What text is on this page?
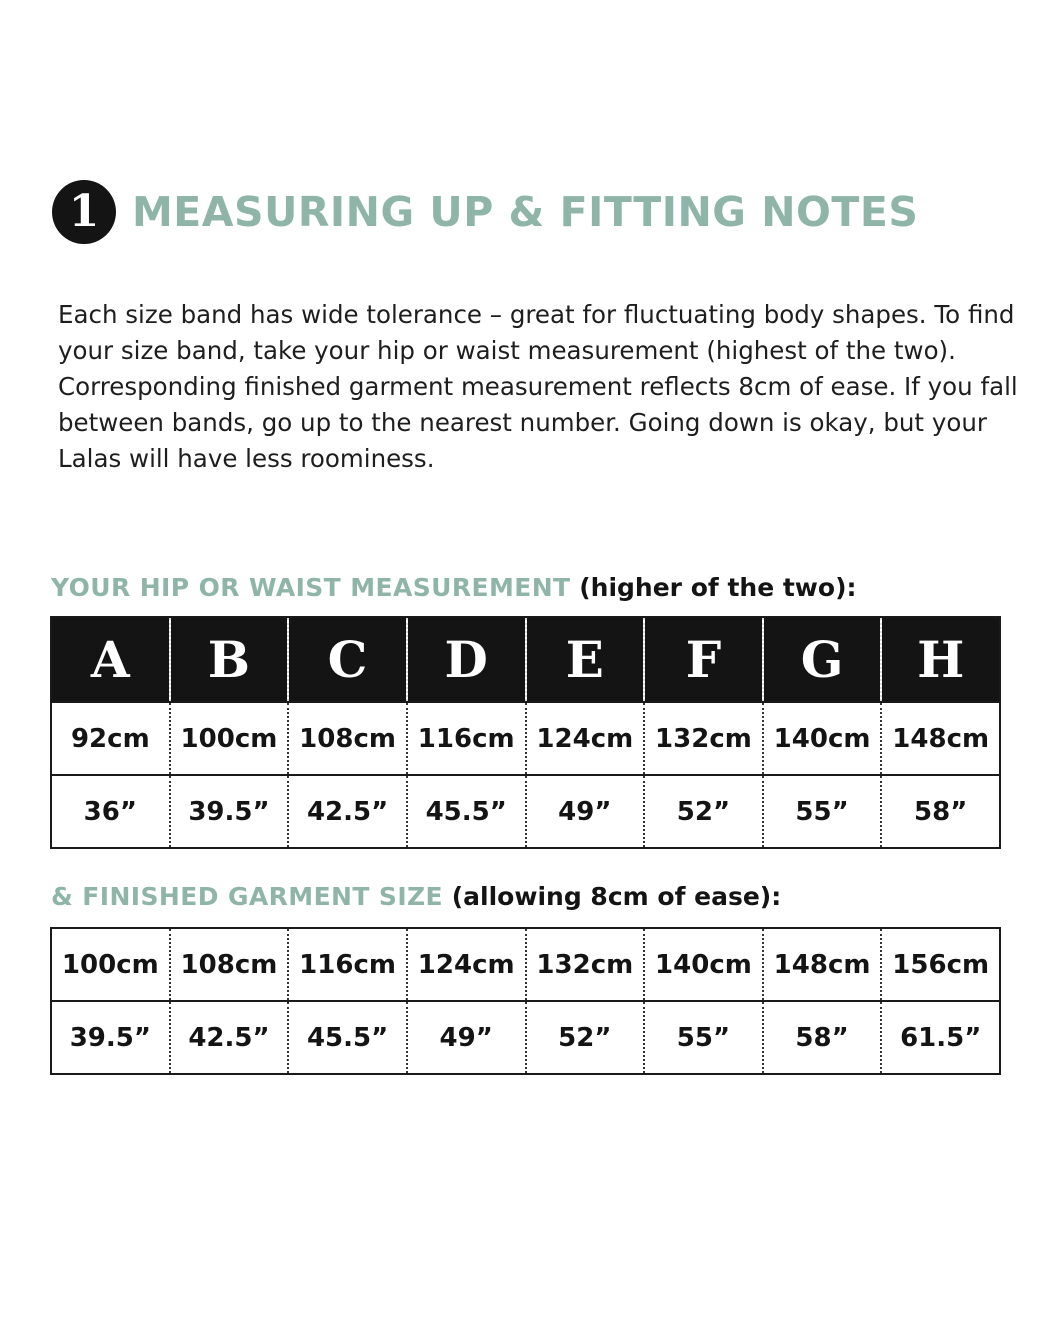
1 MEASURING UP & FITTING NOTES

Each size band has wide tolerance – great for fluctuating body shapes. To find your size band, take your hip or waist measurement (highest of the two). Corresponding finished garment measurement reflects 8cm of ease. If you fall between bands, go up to the nearest number. Going down is okay, but your Lalas will have less roominess.

YOUR HIP OR WAIST MEASUREMENT (higher of the two):
A	B	C	D	E	F	G	H
92cm	100cm	108cm	116cm	124cm	132cm	140cm	148cm
36”	39.5”	42.5”	45.5”	49”	52”	55”	58”
& FINISHED GARMENT SIZE (allowing 8cm of ease):
100cm	108cm	116cm	124cm	132cm	140cm	148cm	156cm
39.5”	42.5”	45.5”	49”	52”	55”	58”	61.5”
